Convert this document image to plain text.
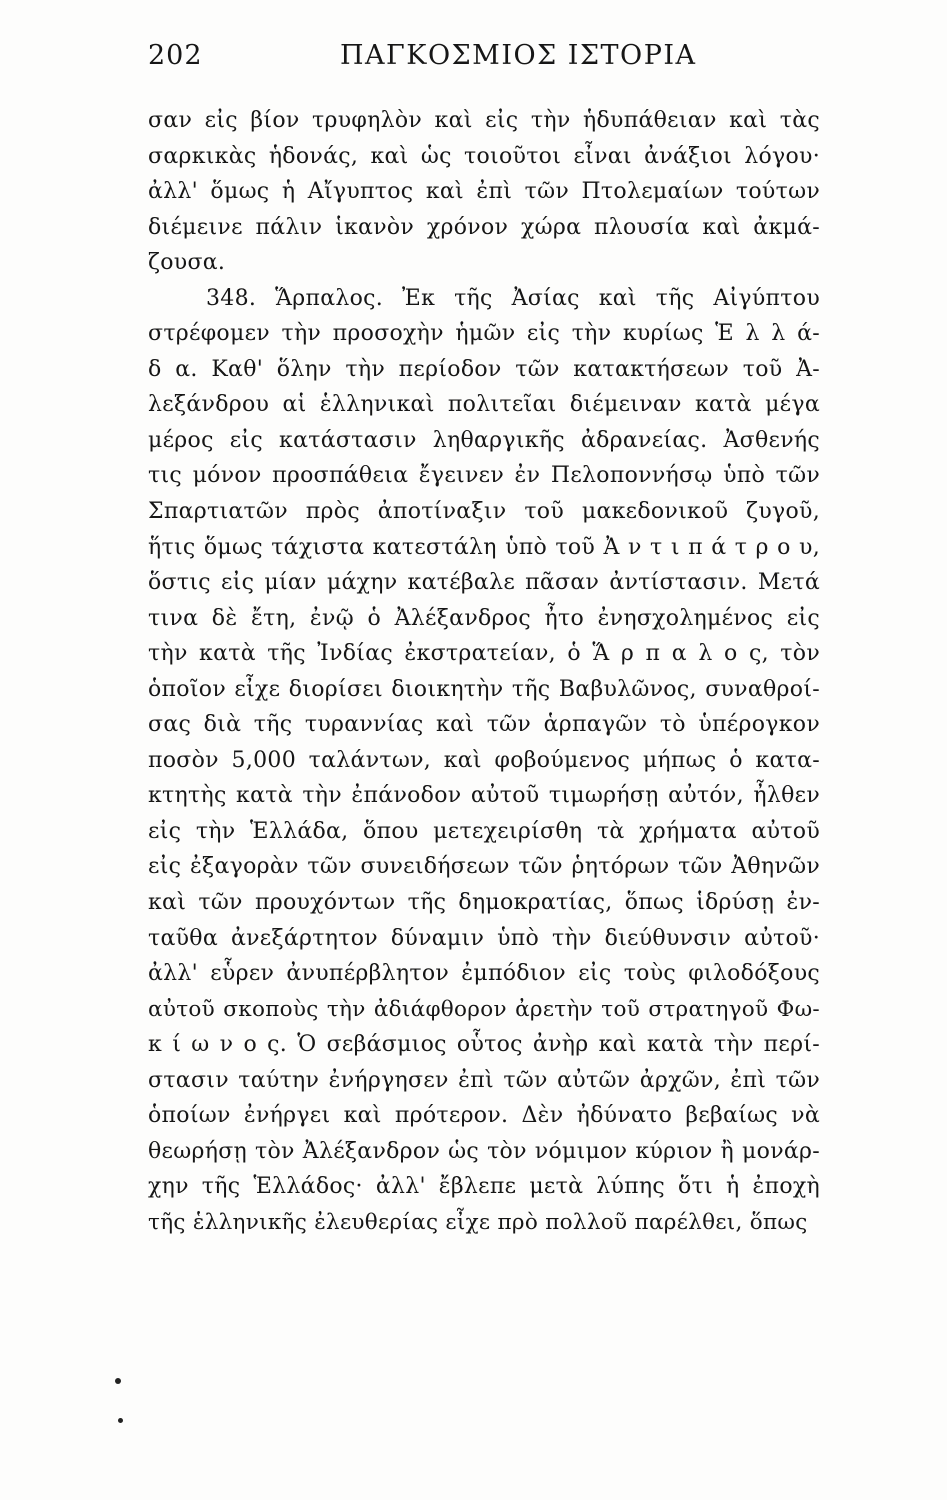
202	ΠΑΓΚΟΣΜΙΟΣ ΙΣΤΟΡΙΑ
σαν εἰς βίον τρυφηλὸν καὶ εἰς τὴν ἡδυπάθειαν καὶ τὰς
σαρκικὰς ἡδονάς, καὶ ὡς τοιοῦτοι εἶναι ἀνάξιοι λόγου·
ἀλλ' ὅμως ἡ Αἴγυπτος καὶ ἐπὶ τῶν Πτολεμαίων τούτων
διέμεινε πάλιν ἱκανὸν χρόνον χώρα πλουσία καὶ ἀκμά-
ζουσα.
348. Ἅρπαλος. Ἐκ τῆς Ἀσίας καὶ τῆς Αἰγύπτου
στρέφομεν τὴν προσοχὴν ἡμῶν εἰς τὴν κυρίως Ἑ λ λ ά-
δ α. Καθ' ὅλην τὴν περίοδον τῶν κατακτήσεων τοῦ Ἀ-
λεξάνδρου αἱ ἑλληνικαὶ πολιτεῖαι διέμειναν κατὰ μέγα
μέρος εἰς κατάστασιν ληθαργικῆς ἀδρανείας. Ἀσθενής
τις μόνον προσπάθεια ἔγεινεν ἐν Πελοποννήσῳ ὑπὸ τῶν
Σπαρτιατῶν πρὸς ἀποτίναξιν τοῦ μακεδονικοῦ ζυγοῦ,
ἥτις ὅμως τάχιστα κατεστάλη ὑπὸ τοῦ Ἀ ν τ ι π ά τ ρ ο υ,
ὅστις εἰς μίαν μάχην κατέβαλε πᾶσαν ἀντίστασιν. Μετά
τινα δὲ ἔτη, ἐνῷ ὁ Ἀλέξανδρος ἦτο ἐνησχολημένος εἰς
τὴν κατὰ τῆς Ἰνδίας ἐκστρατείαν, ὁ Ἅ ρ π α λ ο ς, τὸν
ὁποῖον εἶχε διορίσει διοικητὴν τῆς Βαβυλῶνος, συναθροί-
σας διὰ τῆς τυραννίας καὶ τῶν ἁρπαγῶν τὸ ὑπέρογκον
ποσὸν 5,000 ταλάντων, καὶ φοβούμενος μήπως ὁ κατα-
κτητὴς κατὰ τὴν ἐπάνοδον αὐτοῦ τιμωρήσῃ αὐτόν, ἦλθεν
εἰς τὴν Ἑλλάδα, ὅπου μετεχειρίσθη τὰ χρήματα αὐτοῦ
εἰς ἐξαγορὰν τῶν συνειδήσεων τῶν ῥητόρων τῶν Ἀθηνῶν
καὶ τῶν προυχόντων τῆς δημοκρατίας, ὅπως ἱδρύσῃ ἐν-
ταῦθα ἀνεξάρτητον δύναμιν ὑπὸ τὴν διεύθυνσιν αὐτοῦ·
ἀλλ' εὗρεν ἀνυπέρβλητον ἐμπόδιον εἰς τοὺς φιλοδόξους
αὐτοῦ σκοποὺς τὴν ἀδιάφθορον ἀρετὴν τοῦ στρατηγοῦ Φω-
κ ί ω ν ο ς. Ὁ σεβάσμιος οὗτος ἀνὴρ καὶ κατὰ τὴν περί-
στασιν ταύτην ἐνήργησεν ἐπὶ τῶν αὐτῶν ἀρχῶν, ἐπὶ τῶν
ὁποίων ἐνήργει καὶ πρότερον. Δὲν ἠδύνατο βεβαίως νὰ
θεωρήσῃ τὸν Ἀλέξανδρον ὡς τὸν νόμιμον κύριον ἢ μονάρ-
χην τῆς Ἑλλάδος· ἀλλ' ἔβλεπε μετὰ λύπης ὅτι ἡ ἐποχὴ
τῆς ἑλληνικῆς ἐλευθερίας εἶχε πρὸ πολλοῦ παρέλθει, ὅπως
